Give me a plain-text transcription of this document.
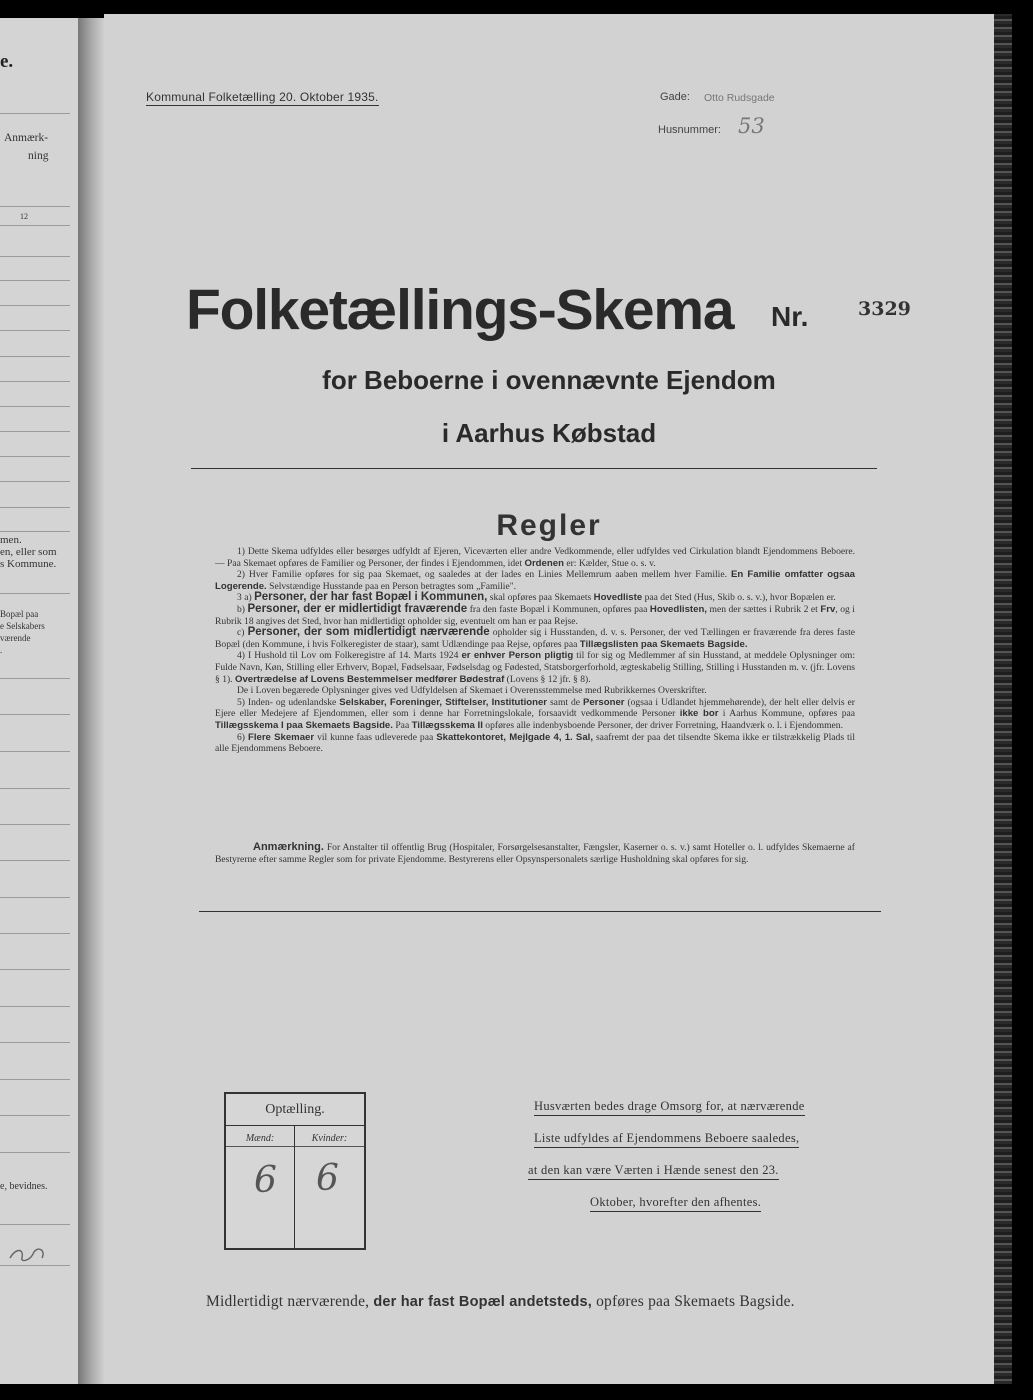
e.
Anmærk-
ning
12
men.
en, eller som
s Kommune.
Bopæl paa
e Selskabers
værende
.
e, bevidnes.
Kommunal Folketælling 20. Oktober 1935.	Gade: Otto Rudsgade
Husnummer: 53
Folketællings-Skema Nr.	3329
for Beboerne i ovennævnte Ejendom
i Aarhus Købstad
Regler

1) Dette Skema udfyldes eller besørges udfyldt af Ejeren, Viceværten eller andre Vedkommende, eller udfyldes ved Cirkulation blandt Ejendommens Beboere. — Paa Skemaet opføres de Familier og Personer, der findes i Ejendommen, idet Ordenen er: Kælder, Stue o. s. v.

2) Hver Familie opføres for sig paa Skemaet, og saaledes at der lades en Linies Mellemrum aaben mellem hver Familie. En Familie omfatter ogsaa Logerende. Selvstændige Husstande paa en Person betragtes som „Familie".

3 a) Personer, der har fast Bopæl i Kommunen, skal opføres paa Skemaets Hovedliste paa det Sted (Hus, Skib o. s. v.), hvor Bopælen er.

b) Personer, der er midlertidigt fraværende fra den faste Bopæl i Kommunen, opføres paa Hovedlisten, men der sættes i Rubrik 2 et Frv, og i Rubrik 18 angives det Sted, hvor han midlertidigt opholder sig, eventuelt om han er paa Rejse.

c) Personer, der som midlertidigt nærværende opholder sig i Husstanden, d. v. s. Personer, der ved Tællingen er fraværende fra deres faste Bopæl (den Kommune, i hvis Folkeregister de staar), samt Udlændinge paa Rejse, opføres paa Tillægslisten paa Skemaets Bagside.

4) I Hushold til Lov om Folkeregistre af 14. Marts 1924 er enhver Person pligtig til for sig og Medlemmer af sin Husstand, at meddele Oplysninger om: Fulde Navn, Køn, Stilling eller Erhverv, Bopæl, Fødselsaar, Fødselsdag og Fødested, Statsborgerforhold, ægteskabelig Stilling, Stilling i Husstanden m. v. (jfr. Lovens § 1). Overtrædelse af Lovens Bestemmelser medfører Bødestraf (Lovens § 12 jfr. § 8).

De i Loven begærede Oplysninger gives ved Udfyldelsen af Skemaet i Overensstemmelse med Rubrikkernes Overskrifter.

5) Inden- og udenlandske Selskaber, Foreninger, Stiftelser, Institutioner samt de Personer (ogsaa i Udlandet hjemmehørende), der helt eller delvis er Ejere eller Medejere af Ejendommen, eller som i denne har Forretningslokale, forsaavidt vedkommende Personer ikke bor i Aarhus Kommune, opføres paa Tillægsskema I paa Skemaets Bagside. Paa Tillægsskema II opføres alle indenbysboende Personer, der driver Forretning, Haandværk o. l. i Ejendommen.

6) Flere Skemaer vil kunne faas udleverede paa Skattekontoret, Mejlgade 4, 1. Sal, saafremt der paa det tilsendte Skema ikke er tilstrækkelig Plads til alle Ejendommens Beboere.

Anmærkning. For Anstalter til offentlig Brug (Hospitaler, Forsørgelsesanstalter, Fængsler, Kaserner o. s. v.) samt Hoteller o. l. udfyldes Skemaerne af Bestyrerne efter samme Regler som for private Ejendomme. Bestyrerens eller Opsynspersonalets særlige Husholdning skal opføres for sig.
Optælling.
Mænd:	Kvinder:
6 6
Husværten bedes drage Omsorg for, at nærværende
Liste udfyldes af Ejendommens Beboere saaledes,
at den kan være Værten i Hænde senest den 23.
Oktober, hvorefter den afhentes.
Midlertidigt nærværende, der har fast Bopæl andetsteds, opføres paa Skemaets Bagside.
